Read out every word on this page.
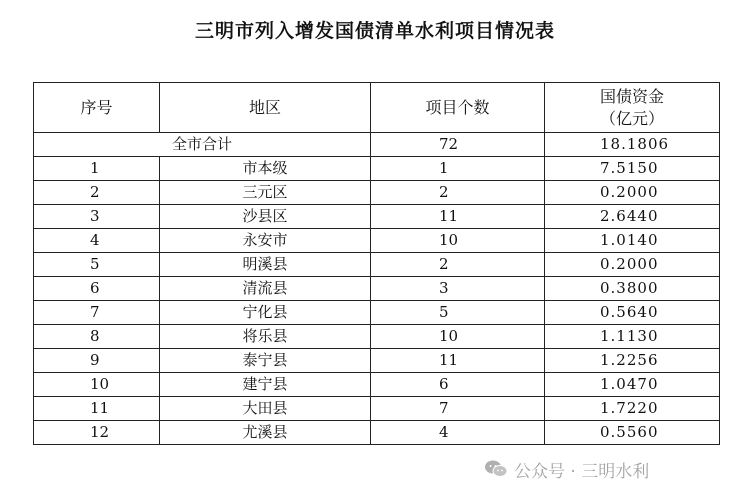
三明市列入增发国债清单水利项目情况表
序号	地区	项目个数	国债资金
（亿元）

全市合计		72	18.1806
1	市本级	1	7.5150
2	三元区	2	0.2000
3	沙县区	11	2.6440
4	永安市	10	1.0140
5	明溪县	2	0.2000
6	清流县	3	0.3800
7	宁化县	5	0.5640
8	将乐县	10	1.1130
9	泰宁县	11	1.2256
10	建宁县	6	1.0470
11	大田县	7	1.7220
12	尤溪县	4	0.5560
公众号 · 三明水利
